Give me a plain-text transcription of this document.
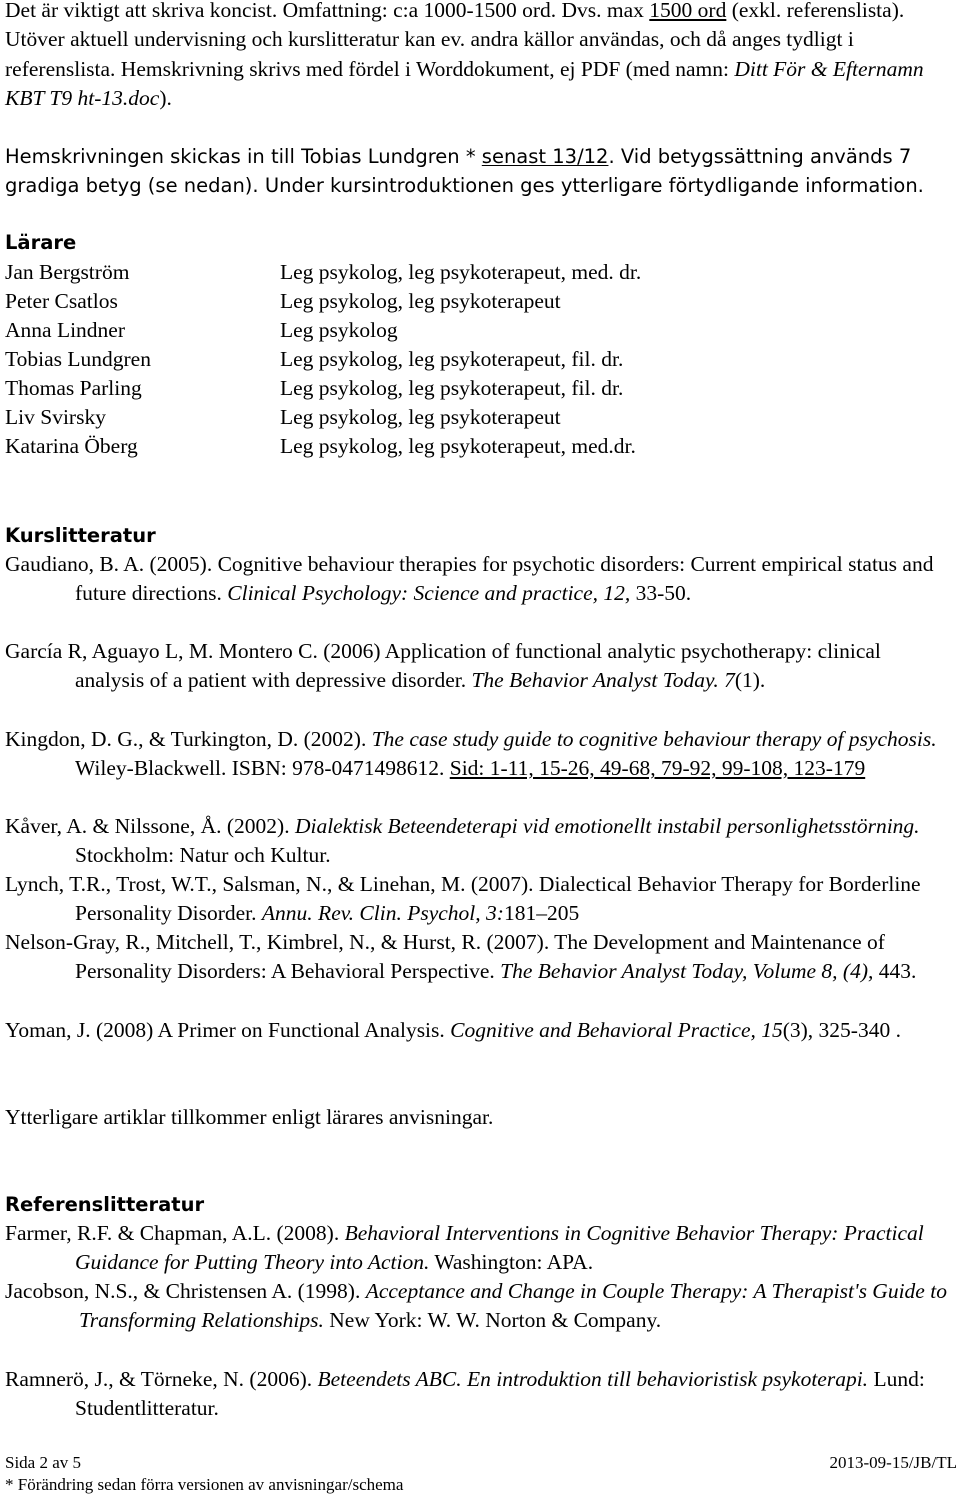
Det är viktigt att skriva koncist. Omfattning: c:a 1000-1500 ord. Dvs. max 1500 ord (exkl. referenslista). Utöver aktuell undervisning och kurslitteratur kan ev. andra källor användas, och då anges tydligt i referenslista. Hemskrivning skrivs med fördel i Worddokument, ej PDF (med namn: Ditt För & Efternamn KBT T9 ht-13.doc).

Hemskrivningen skickas in till Tobias Lundgren * senast 13/12. Vid betygssättning används 7 gradiga betyg (se nedan). Under kursintroduktionen ges ytterligare förtydligande information.

Lärare
Jan Bergström	Leg psykolog, leg psykoterapeut, med. dr.
Peter Csatlos	Leg psykolog, leg psykoterapeut
Anna Lindner	Leg psykolog
Tobias Lundgren	Leg psykolog, leg psykoterapeut, fil. dr.
Thomas Parling	Leg psykolog, leg psykoterapeut, fil. dr.
Liv Svirsky	Leg psykolog, leg psykoterapeut
Katarina Öberg	Leg psykolog, leg psykoterapeut, med.dr.
Kurslitteratur
Gaudiano, B. A. (2005). Cognitive behaviour therapies for psychotic disorders: Current empirical status and future directions. Clinical Psychology: Science and practice, 12, 33-50.
García R, Aguayo L, M. Montero C. (2006) Application of functional analytic psychotherapy: clinical analysis of a patient with depressive disorder. The Behavior Analyst Today. 7(1).
Kingdon, D. G., & Turkington, D. (2002). The case study guide to cognitive behaviour therapy of psychosis. Wiley-Blackwell. ISBN: 978-0471498612. Sid: 1-11, 15-26, 49-68, 79-92, 99-108, 123-179
Kåver, A. & Nilssone, Å. (2002). Dialektisk Beteendeterapi vid emotionellt instabil personlighetsstörning. Stockholm: Natur och Kultur.
Lynch, T.R., Trost, W.T., Salsman, N., & Linehan, M. (2007). Dialectical Behavior Therapy for Borderline Personality Disorder. Annu. Rev. Clin. Psychol, 3:181–205
Nelson-Gray, R., Mitchell, T., Kimbrel, N., & Hurst, R. (2007). The Development and Maintenance of Personality Disorders: A Behavioral Perspective. The Behavior Analyst Today, Volume 8, (4), 443.
Yoman, J. (2008) A Primer on Functional Analysis. Cognitive and Behavioral Practice, 15(3), 325-340 .
Ytterligare artiklar tillkommer enligt lärares anvisningar.
Referenslitteratur
Farmer, R.F. & Chapman, A.L. (2008). Behavioral Interventions in Cognitive Behavior Therapy: Practical Guidance for Putting Theory into Action. Washington: APA.
Jacobson, N.S., & Christensen A. (1998). Acceptance and Change in Couple Therapy: A Therapist's Guide to Transforming Relationships. New York: W. W. Norton & Company.
Ramnerö, J., & Törneke, N. (2006). Beteendets ABC. En introduktion till behavioristisk psykoterapi. Lund: Studentlitteratur.
Sida 2 av 5	2013-09-15/JB/TL
* Förändring sedan förra versionen av anvisningar/schema
